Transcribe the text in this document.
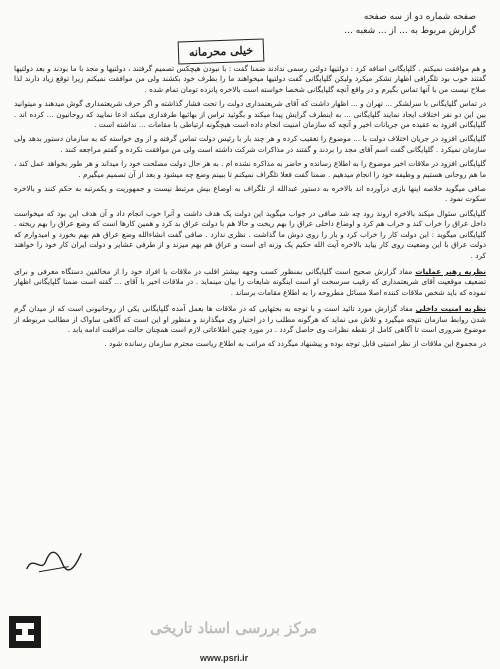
صفحه شماره دو از سه صفحه
گزارش مربوط به ... از ... شعبه ...
خیلی محرمانه

و هم موافقت نمیکنم . گلپایگانی اضافه کرد : دولتیها دولتی رسمی ندادند ضمنا گفت : با نبودن هیچکس تصمیم گرفتند ، دولتیها و مجد با ما بودند و بعد دولتیها گفتند خوب بود تلگرافی اظهار تشکر میکرد ولیکن گلپایگانی گفت دولتیها میخواهند ما را بطرف خود بکشند ولی من موافقت نمیکنم زیرا توقع زیاد دارند لذا صلاح نیست من با آنها تماس بگیرم و در واقع آنچه گلپایگانی شخصا خواسته است بالاخره پانزده تومان تمام شده .

در تماس گلپایگانی با سرلشکر ... تهران و ... اظهار داشت که آقای شریعتمداری دولت را تحت فشار گذاشته و اگر حرف شریعتمداری گوش میدهند و میتوانید بین این دو نفر اختلاف ایجاد نمایند گلپایگانی ... به اینطرف گرایش پیدا میکند و بگوئید تراس از بهائیها طرفداری میکند ادعا نمایید که روحانیون ... کرده اند . گلپایگانی افزود به عقیده من جریانات اخیر و آنچه که سازمان امنیت انجام داده است هیچگونه ارتباطی با مقامات ... نداشته است .

گلپایگانی افزود در جریان اختلاف دولت با ... موضوع را تعقیب کرده و هر چند بار با رئیس دولت تماس گرفته و از وی خواسته که به سازمان دستور بدهد ولی سازمان نمیکرد . گلپایگانی گفت اسم آقای مجد را بردند و گفتند در مذاکرات شرکت داشته است ولی من موافقت نکرده و گفتم مراجعه کنند .

گلپایگانی افزود در ملاقات اخیر موضوع را به اطلاع رسانده و حاضر به مذاکره نشده ام . به هر حال دولت مصلحت خود را میداند و هر طور بخواهد عمل کند ، ما هم روحانی هستیم و وظیفه خود را انجام میدهیم . ضمنا گفت فعلا تلگراف نمیکنم تا ببینم وضع چه میشود و بعد از آن تصمیم میگیرم .

صافی میگوید خلاصه اینها بازی درآورده اند بالاخره به دستور عبدالله از تلگراف به اوضاع بیش مرتبط نیست و جمهوریت و یکمرتبه به حکم کنند و بالاخره سکوت نمود .

گلپایگانی سئوال میکند بالاخره اروند رود چه شد صافی در جواب میگوید این دولت یک هدف داشت و آنرا خوب انجام داد و آن هدف این بود که میخواست داخل عراق را خراب کند و خراب هم کرد و اوضاع داخلی عراق را بهم ریخت و حالا هم با دولت عراق بد کرد و همین کارها است که وضع عراق را بهم ریخته . گلپایگانی میگوید : این دولت کار را خراب کرد و بار را روی دوش ما گذاشت . نظری ندارد . صافی گفت انشاءالله وضع عراق هم بهم بخورد و امیدوارم که دولت عراق با این وضعیت روی کار بیاید بالاخره آیت الله حکیم یک وزنه ای است و عراق هم بهم میزند و از طرفی عشایر و دولت ایران کار خود را خواهند کرد .

نظریه رهبر عملیات مفاد گزارش صحیح است گلپایگانی بمنظور کسب وجهه بیشتر اقلب در ملاقات با افراد خود را از مخالفین دستگاه معرفی و برای تضعیف موقعیت آقای شریعتمداری که رقیب سرسخت او است اینگونه شایعات را بیان مینماید . در ملاقات اخیر با آقای ... گفته است ضمنا گلپایگانی اظهار نموده که باید شخص ملاقات کننده اصلا مسائل مطروحه را به اطلاع مقامات برساند .
نظریه امنیت داخلی مفاد گزارش مورد تائید است و با توجه به بحثهایی که در ملاقات ها بعمل آمده گلپایگانی یکی از روحانیونی است که از میدان گرم شدن روابط سازمان نتیجه میگیرد و تلاش می نماید که هرگونه مطلب را در اختیار وی میگذارند و منظور او این است که آگاهی ساواک از مطالب مربوطه از موضوع ضروری است تا آگاهی کامل از نقطه نظرات وی حاصل گردد . در مورد چنین اطلاعاتی لازم است همچنان حالت مراقبت ادامه یابد .

در مجموع این ملاقات از نظر امنیتی قابل توجه بوده و پیشنهاد میگردد که مراتب به اطلاع ریاست محترم سازمان رسانده شود .

مرکز بررسی اسناد تاریخی
www.psri.ir
